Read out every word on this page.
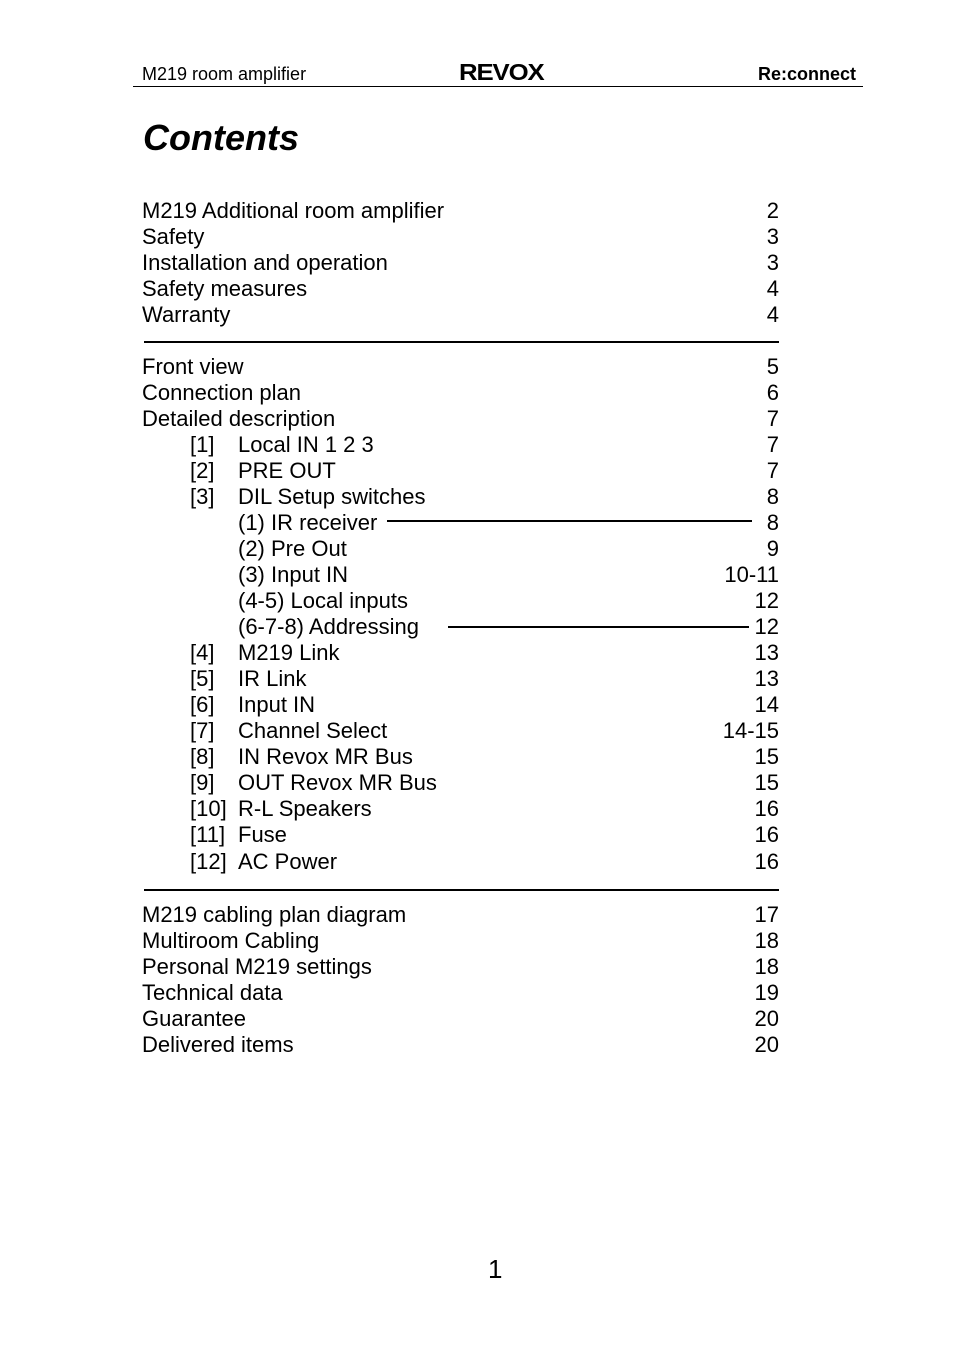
M219 room amplifier	REVOX	Re:connect
Contents
M219 Additional room amplifier	2
Safety	3
Installation and operation	3
Safety measures	4
Warranty	4
Front view	5
Connection plan	6
Detailed description	7
[1] Local IN 1 2 3	7
[2] PRE OUT	7
[3] DIL Setup switches	8
(1) IR receiver	8
(2) Pre Out	9
(3) Input IN	10-11
(4-5) Local inputs	12
(6-7-8) Addressing	12
[4] M219 Link	13
[5] IR Link	13
[6] Input IN	14
[7] Channel Select	14-15
[8] IN Revox MR Bus	15
[9] OUT Revox MR Bus	15
[10] R-L Speakers	16
[11] Fuse	16
[12] AC Power	16
M219 cabling plan diagram	17
Multiroom Cabling	18
Personal M219 settings	18
Technical data	19
Guarantee	20
Delivered items	20
1
